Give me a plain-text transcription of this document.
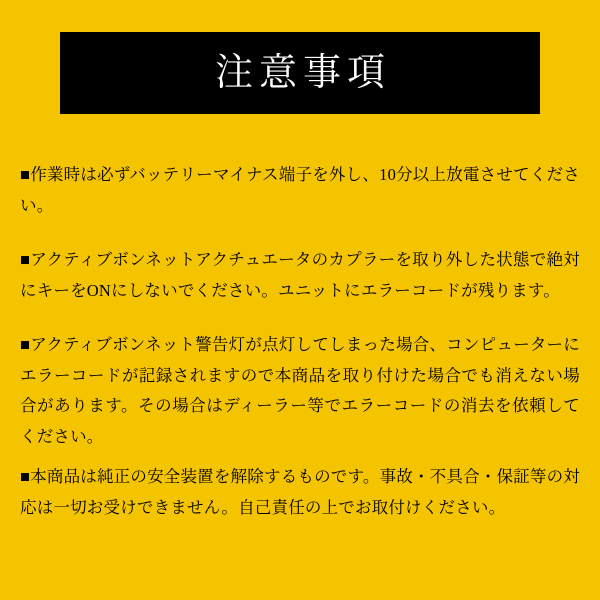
注意事項
■作業時は必ずバッテリーマイナス端子を外し、10分以上放電させてください。
■アクティブボンネットアクチュエータのカプラーを取り外した状態で絶対にキーをONにしないでください。ユニットにエラーコードが残ります。
■アクティブボンネット警告灯が点灯してしまった場合、コンピューターにエラーコードが記録されますので本商品を取り付けた場合でも消えない場合があります。その場合はディーラー等でエラーコードの消去を依頼してください。
■本商品は純正の安全装置を解除するものです。事故・不具合・保証等の対応は一切お受けできません。自己責任の上でお取付けください。
